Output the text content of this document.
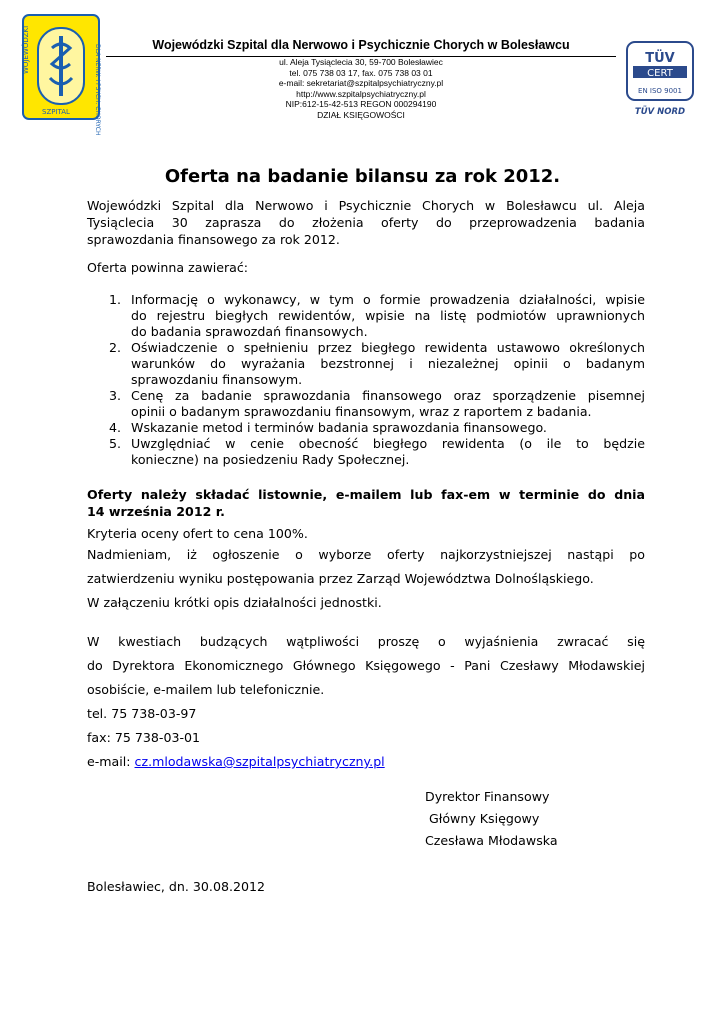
WOJEWÓDZKI	DLA NERW. I PSYCH. CHORYCH
SZPITAL
Wojewódzki Szpital dla Nerwowo i Psychicznie Chorych w Bolesławcu
ul. Aleja Tysiąclecia 30, 59-700 Bolesławiec
tel. 075 738 03 17, fax. 075 738 03 01
e-mail: sekretariat@szpitalpsychiatryczny.pl
http://www.szpitalpsychiatryczny.pl
NIP:612-15-42-513 REGON 000294190
DZIAŁ KSIĘGOWOŚCI
TÜV
CERT
EN ISO 9001
TÜV NORD
Oferta na badanie bilansu za rok 2012.
Wojewódzki Szpital dla Nerwowo i Psychicznie Chorych w Bolesławcu ul. Aleja
Tysiąclecia 30 zaprasza do złożenia oferty do przeprowadzenia badania
sprawozdania finansowego za rok 2012.
Oferta powinna zawierać:
1. Informację o wykonawcy, w tym o formie prowadzenia działalności, wpisie
do rejestru biegłych rewidentów, wpisie na listę podmiotów uprawnionych
do badania sprawozdań finansowych.
2. Oświadczenie o spełnieniu przez biegłego rewidenta ustawowo określonych
warunków do wyrażania bezstronnej i niezależnej opinii o badanym
sprawozdaniu finansowym.
3. Cenę za badanie sprawozdania finansowego oraz sporządzenie pisemnej
opinii o badanym sprawozdaniu finansowym, wraz z raportem z badania.
4. Wskazanie metod i terminów badania sprawozdania finansowego.
5. Uwzględniać w cenie obecność biegłego rewidenta (o ile to będzie
konieczne) na posiedzeniu Rady Społecznej.
Oferty należy składać listownie, e-mailem lub fax-em w terminie do dnia
14 września 2012 r.
Kryteria oceny ofert to cena 100%.
Nadmieniam, iż ogłoszenie o wyborze oferty najkorzystniejszej nastąpi po
zatwierdzeniu wyniku postępowania przez Zarząd Województwa Dolnośląskiego.
W załączeniu krótki opis działalności jednostki.
W kwestiach budzących wątpliwości proszę o wyjaśnienia zwracać się
do Dyrektora Ekonomicznego Głównego Księgowego - Pani Czesławy Młodawskiej
osobiście, e-mailem lub telefonicznie.
tel. 75 738-03-97
fax: 75 738-03-01
e-mail: cz.mlodawska@szpitalpsychiatryczny.pl
Dyrektor Finansowy
Główny Księgowy
Czesława Młodawska
Bolesławiec, dn. 30.08.2012
